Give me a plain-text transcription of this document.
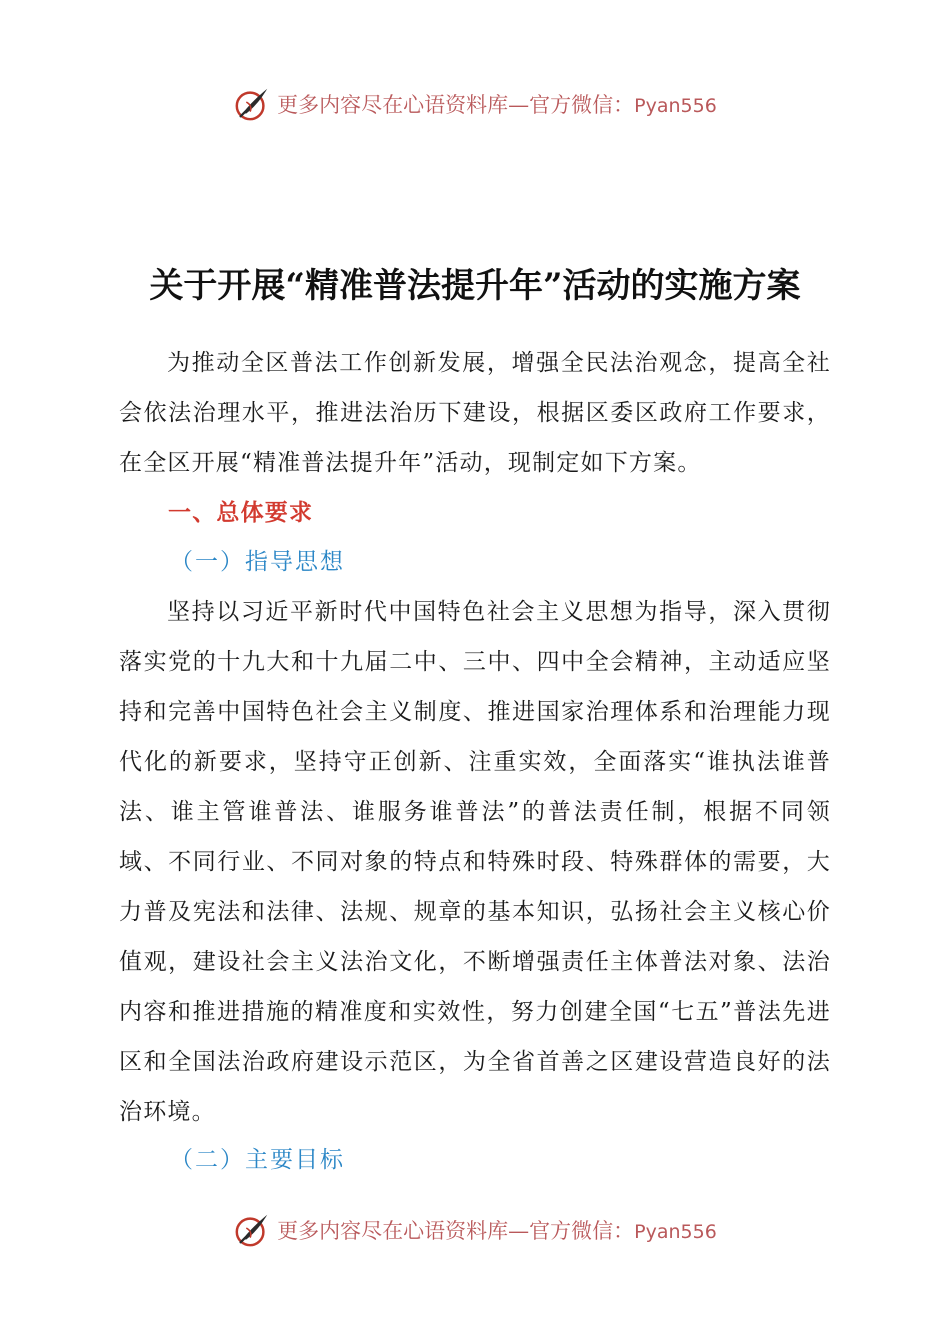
更多内容尽在心语资料库—官方微信：Pyan556
关于开展“精准普法提升年”活动的实施方案

为推动全区普法工作创新发展，增强全民法治观念，提高全社会依法治理水平，推进法治历下建设，根据区委区政府工作要求，在全区开展“精准普法提升年”活动，现制定如下方案。

一、总体要求

（一）指导思想

坚持以习近平新时代中国特色社会主义思想为指导，深入贯彻落实党的十九大和十九届二中、三中、四中全会精神，主动适应坚持和完善中国特色社会主义制度、推进国家治理体系和治理能力现代化的新要求，坚持守正创新、注重实效，全面落实“谁执法谁普法、谁主管谁普法、谁服务谁普法”的普法责任制，根据不同领域、不同行业、不同对象的特点和特殊时段、特殊群体的需要，大力普及宪法和法律、法规、规章的基本知识，弘扬社会主义核心价值观，建设社会主义法治文化，不断增强责任主体普法对象、法治内容和推进措施的精准度和实效性，努力创建全国“七五”普法先进区和全国法治政府建设示范区，为全省首善之区建设营造良好的法治环境。

（二）主要目标

更多内容尽在心语资料库—官方微信：Pyan556
